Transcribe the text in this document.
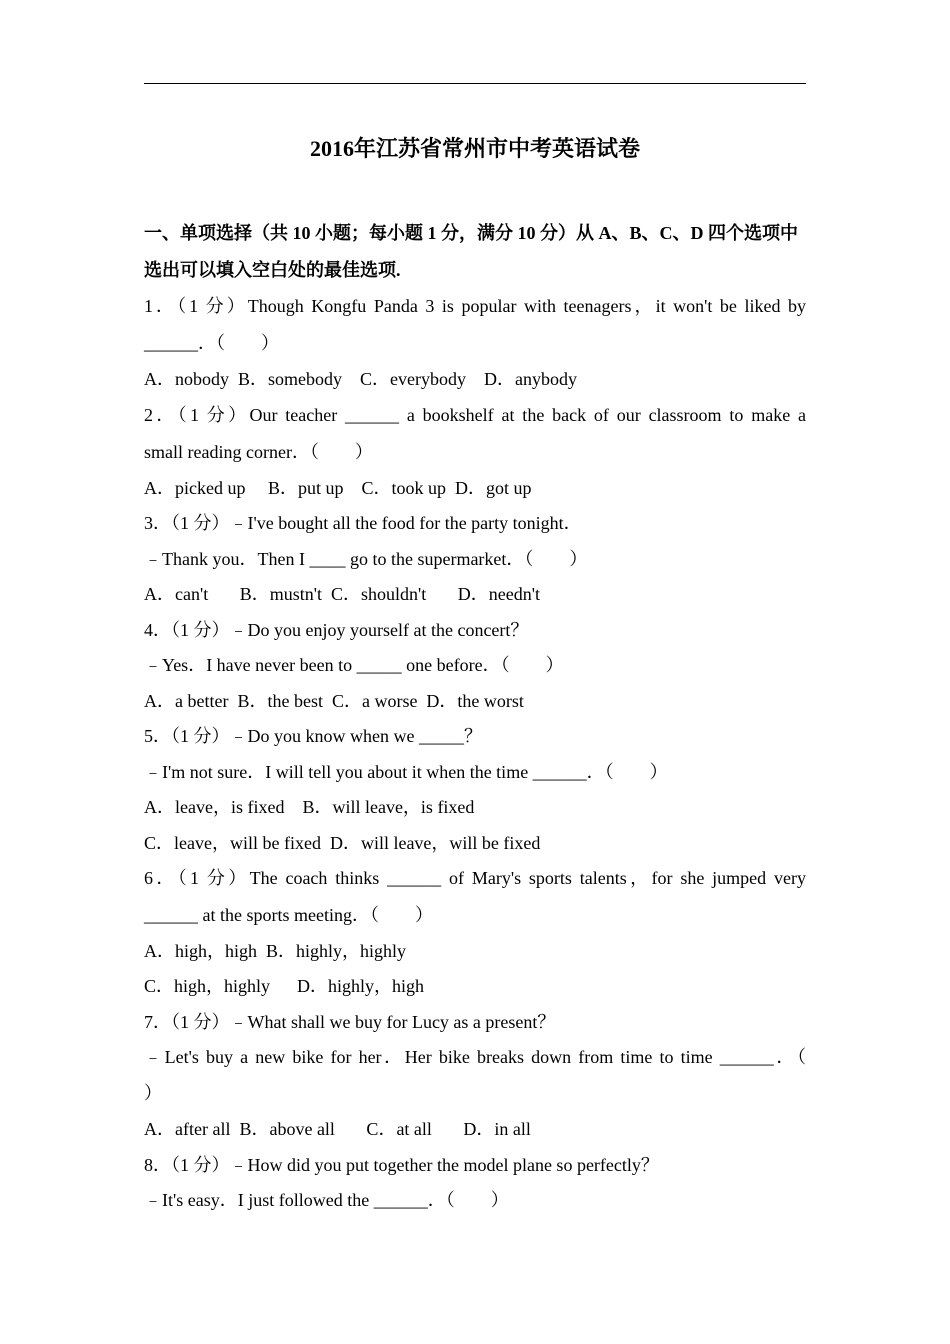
2016年江苏省常州市中考英语试卷
一、单项选择（共 10 小题；每小题 1 分，满分 10 分）从 A、B、C、D 四个选项中
选出可以填入空白处的最佳选项.
1．（1 分）Though Kongfu Panda 3 is popular with teenagers，it won't be liked by
______．（　　）
A．nobody  B．somebody    C．everybody    D．anybody
2．（1 分）Our teacher ______ a bookshelf at the back of our classroom to make a
small reading corner．（　　）
A．picked up     B．put up    C．took up  D．got up
3．（1 分）﹣I've bought all the food for the party tonight．
﹣Thank you．Then I ____ go to the supermarket．（　　）
A．can't       B．mustn't  C．shouldn't       D．needn't
4．（1 分）﹣Do you enjoy yourself at the concert？
﹣Yes．I have never been to _____ one before．（　　）
A．a better  B．the best  C．a worse  D．the worst
5．（1 分）﹣Do you know when we _____？
﹣I'm not sure．I will tell you about it when the time ______．（　　）
A．leave，is fixed    B．will leave，is fixed
C．leave，will be fixed  D．will leave，will be fixed
6．（1 分）The coach thinks ______ of Mary's sports talents，for she jumped very
______ at the sports meeting．（　　）
A．high，high  B．highly，highly
C．high，highly      D．highly，high
7．（1 分）﹣What shall we buy for Lucy as a present？
﹣Let's buy a new bike for her．Her bike breaks down from time to time ______．（
）
A．after all  B．above all       C．at all       D．in all
8．（1 分）﹣How did you put together the model plane so perfectly？
﹣It's easy．I just followed the ______．（　　）
